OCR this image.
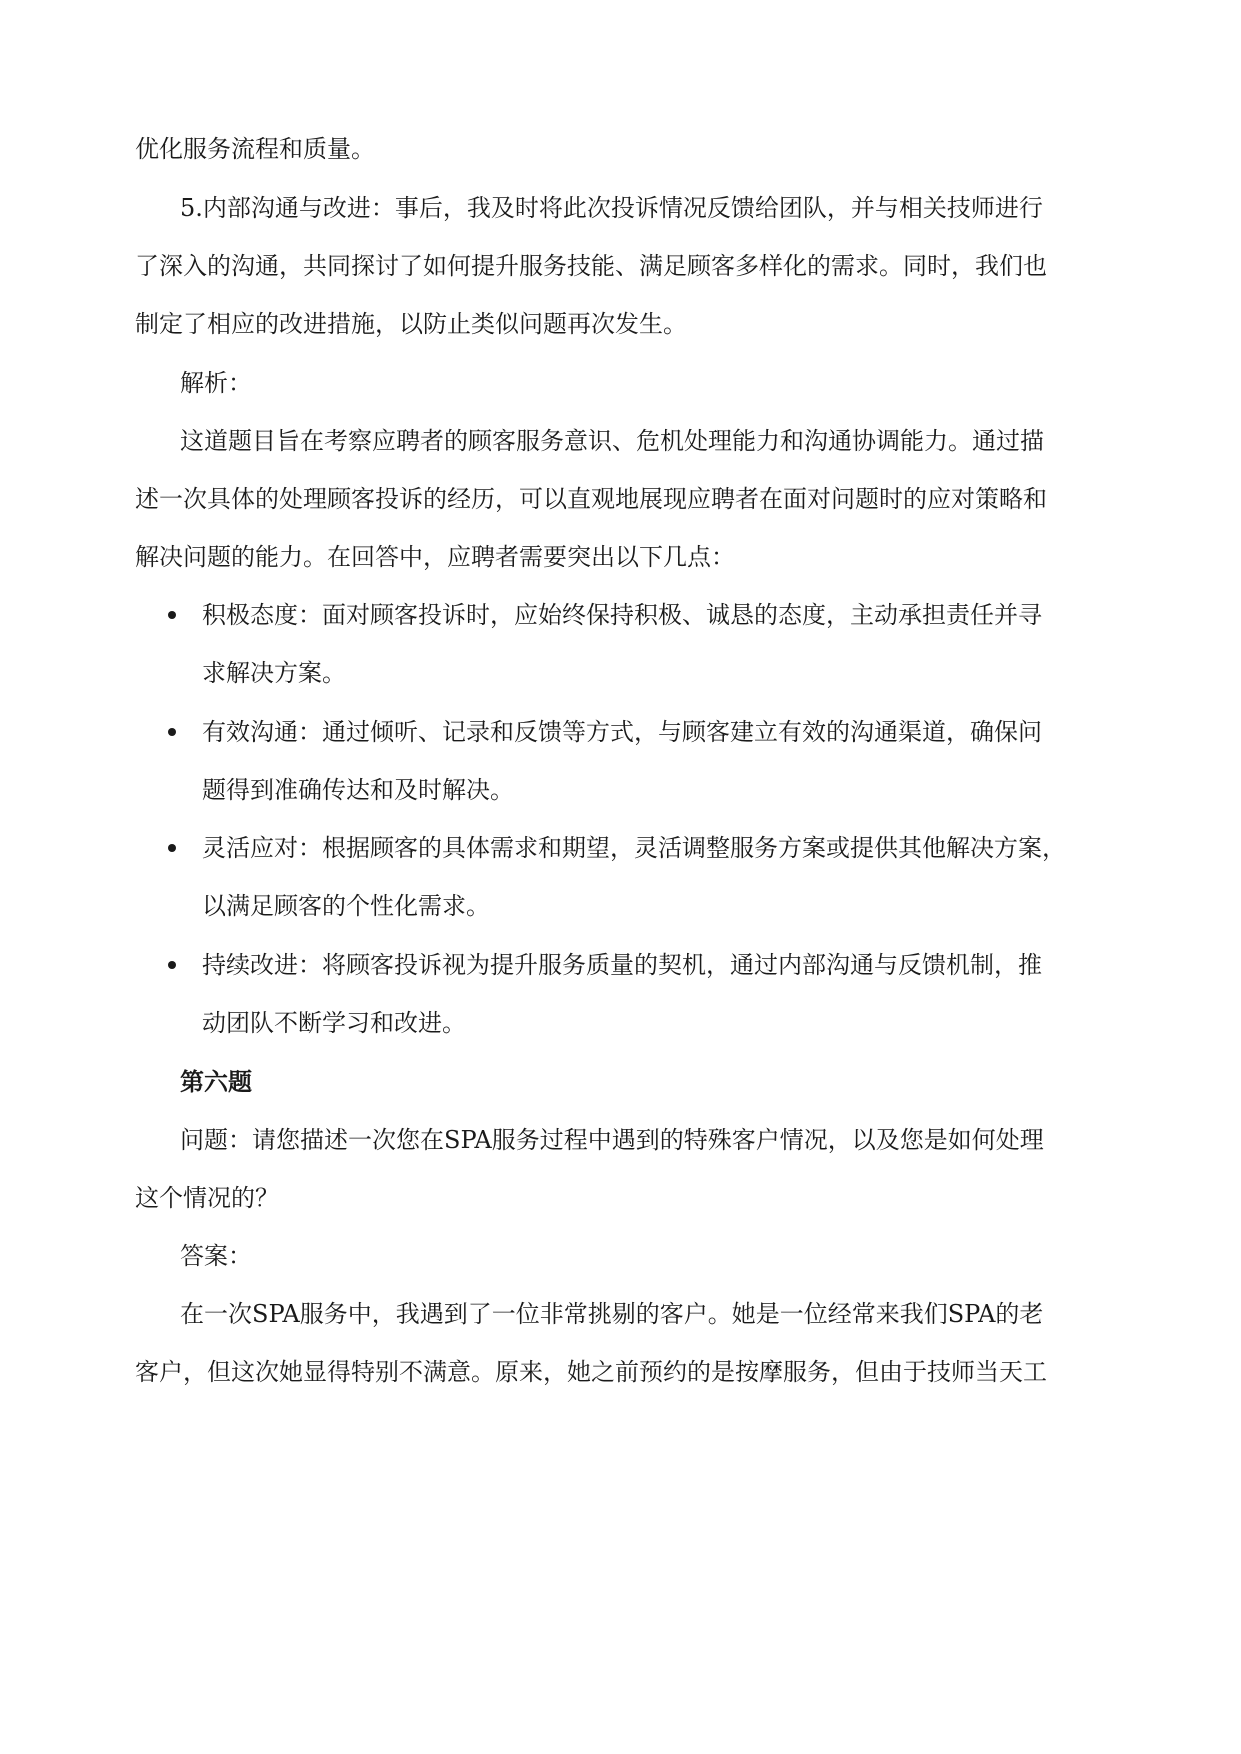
优化服务流程和质量。
5.内部沟通与改进：事后，我及时将此次投诉情况反馈给团队，并与相关技师进行
了深入的沟通，共同探讨了如何提升服务技能、满足顾客多样化的需求。同时，我们也
制定了相应的改进措施，以防止类似问题再次发生。
解析：
这道题目旨在考察应聘者的顾客服务意识、危机处理能力和沟通协调能力。通过描
述一次具体的处理顾客投诉的经历，可以直观地展现应聘者在面对问题时的应对策略和
解决问题的能力。在回答中，应聘者需要突出以下几点：
积极态度：面对顾客投诉时，应始终保持积极、诚恳的态度，主动承担责任并寻
求解决方案。
有效沟通：通过倾听、记录和反馈等方式，与顾客建立有效的沟通渠道，确保问
题得到准确传达和及时解决。
灵活应对：根据顾客的具体需求和期望，灵活调整服务方案或提供其他解决方案，
以满足顾客的个性化需求。
持续改进：将顾客投诉视为提升服务质量的契机，通过内部沟通与反馈机制，推
动团队不断学习和改进。
第六题
问题：请您描述一次您在SPA服务过程中遇到的特殊客户情况，以及您是如何处理
这个情况的？
答案：
在一次SPA服务中，我遇到了一位非常挑剔的客户。她是一位经常来我们SPA的老
客户，但这次她显得特别不满意。原来，她之前预约的是按摩服务，但由于技师当天工
